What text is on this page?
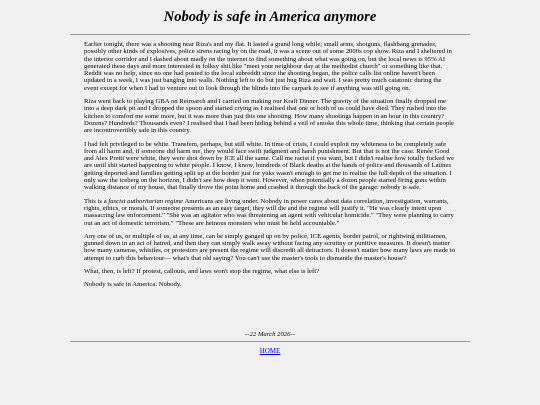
Nobody is safe in America anymore

Earlier tonight, there was a shooting near Riza's and my flat. It lasted a grand long while; small arms, shotguns, flashbang grenades, possibly other kinds of explosives, police sirens racing by on the road, it was a scene out of some 2000s cop show. Riza and I sheltered in the interior corridor and I dashed about madly on the internet to find something about what was going on, but the local news is 95% AI generated these days and more interested in folksy shit like "meet your neighbour day at the methodist church" or something like that. Reddit was no help, since no one had posted to the local subreddit since the shooting began, the police calls list online haven't been updated in a week, I was just banging into walls. Nothing left to do but just hug Riza and wait. I was pretty much catatonic during the event except for when I had to venture out to look through the blinds into the carpark to see if anything was still going on.

Riza went back to playing GBA on Retroarch and I carried on making our Kraft Dinner. The gravity of the situation finally dropped me into a deep dark pit and I dropped the spoon and started crying as I realised that one or both of us could have died. They rushed into the kitchen to comfort me some more, but it was more than just this one shooting. How many shootings happen in an hour in this country? Dozens? Hundreds? Thousands even? I realised that I had been hiding behind a veil of smoke this whole time, thinking that certain people are incontrovertibly safe in this country.

I had felt privileged to be white. Transfem, perhaps, but still white. In time of crisis, I could exploit my whiteness to be completely safe from all harm and, if someone did harm me, they would face swift judgment and harsh punishment. But that is not the case. Renée Good and Alex Pretti were white, they were shot down by ICE all the same. Call me racist if you want, but I didn't realise how totally fucked we are until shit started happening to white people. I know, I know, hundreds of Black deaths at the hands of police and thousands of Latines getting deported and families getting split up at the border just for yuks wasn't enough to get me to realise the full depth of the situation. I only saw the iceberg on the horizon, I didn't see how deep it went. However, when potentially a dozen people started firing guns within walking distance of my house, that finally drove the point home and crashed it through the back of the garage: nobody is safe.

This is a fascist authoritarian regime Americans are living under. Nobody in power cares about data correlation, investigation, warrants, rights, ethics, or morals. If someone presents as an easy target, they will die and the regime will justify it. "He was clearly intent upon massacring law enforcement." "She was an agitator who was threatening an agent with vehicular homicide." "They were planning to carry out an act of domestic terrorism." "These are heinous monsters who must be held accountable."

Any one of us, or multiple of us, at any time, can be simply ganged up on by police, ICE agents, border patrol, or rightwing militiamen, gunned down in an act of hatred, and then they can simply walk away without facing any scrutiny or punitive measures. It doesn't matter how many cameras, whistles, or protestors are present the regime will discredit all detractors. It doesn't matter how many laws are made to attempt to curb this behaviour— what's that old saying? You can't use the master's tools to dismantle the master's house?

What, then, is left? If protest, callouts, and laws won't stop the regime, what else is left?

Nobody is safe in America. Nobody.

--22 March 2026--
HOME
